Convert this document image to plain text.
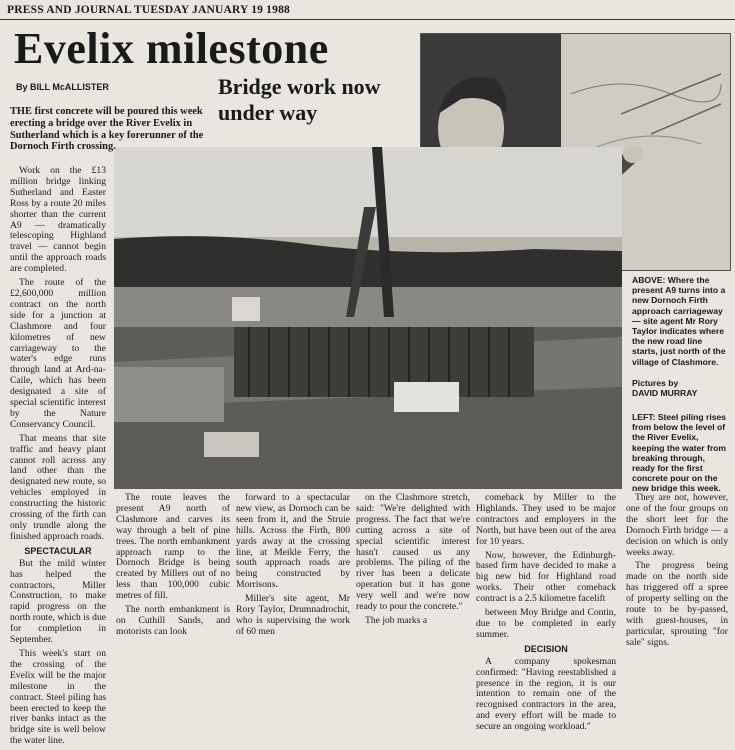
PRESS AND JOURNAL TUESDAY JANUARY 19 1988
Evelix milestone
By BILL McALLISTER	Bridge work now under way
THE first concrete will be poured this week erecting a bridge over the River Evelix in Sutherland which is a key forerunner of the Dornoch Firth crossing.

Work on the £13 million bridge linking Sutherland and Easter Ross by a route 20 miles shorter than the current A9 — dramatically telescoping Highland travel — cannot begin until the approach roads are completed.

The route of the £2,600,000 million contract on the north side for a junction at Clashmore and four kilometres of new carriageway to the water's edge runs through land at Ard-na-Caile, which has been designated a site of special scientific interest by the Nature Conservancy Council.

That means that site traffic and heavy plant cannot roll across any land other than the designated new route, so vehicles employed in constructing the historic crossing of the firth can only trundle along the finished approach roads.

SPECTACULAR

But the mild winter has helped the contractors, Miller Construction, to make rapid progress on the north route, which is due for completion in September.

This week's start on the crossing of the Evelix will be the major milestone in the contract. Steel piling has been erected to keep the river banks intact as the bridge site is well below the water line.

The route leaves the present A9 north of Clashmore and carves its way through a belt of pine trees. The north embankment approach ramp to the Dornoch Bridge is being created by Millers out of no less than 100,000 cubic metres of fill.

The north embankment is on Cuthill Sands, and motorists can look

forward to a spectacular new view, as Dornoch can be seen from it, and the Struie hills. Across the Firth, 800 yards away at the crossing line, at Meikle Ferry, the south approach roads are being constructed by Morrisons.

Miller's site agent, Mr Rory Taylor, Drumnadrochit, who is supervising the work of 60 men

on the Clashmore stretch, said: "We're delighted with progress. The fact that we're cutting across a site of special scientific interest hasn't caused us any problems. The piling of the river has been a delicate operation but it has gone very well and we're now ready to pour the concrete."

The job marks a

comeback by Miller to the Highlands. They used to be major contractors and employers in the North, but have been out of the area for 10 years.

Now, however, the Edinburgh-based firm have decided to make a big new bid for Highland road works. Their other comeback contract is a 2.5 kilometre facelift

between Moy Bridge and Contin, due to be completed in early summer.

DECISION

A company spokesman confirmed: "Having reestablished a presence in the region, it is our intention to remain one of the recognised contractors in the area, and every effort will be made to secure an ongoing workload."

They are not, however, one of the four groups on the short leet for the Dornoch Firth bridge — a decision on which is only weeks away.

The progress being made on the north side has triggered off a spree of property selling on the route to be by-passed, with guest-houses, in particular, sprouting "for sale" signs.

ABOVE: Where the present A9 turns into a new Dornoch Firth approach carriageway — site agent Mr Rory Taylor indicates where the new road line starts, just north of the village of Clashmore.
Pictures by
DAVID MURRAY
LEFT: Steel piling rises from below the level of the River Evelix, keeping the water from breaking through, ready for the first concrete pour on the new bridge this week.
